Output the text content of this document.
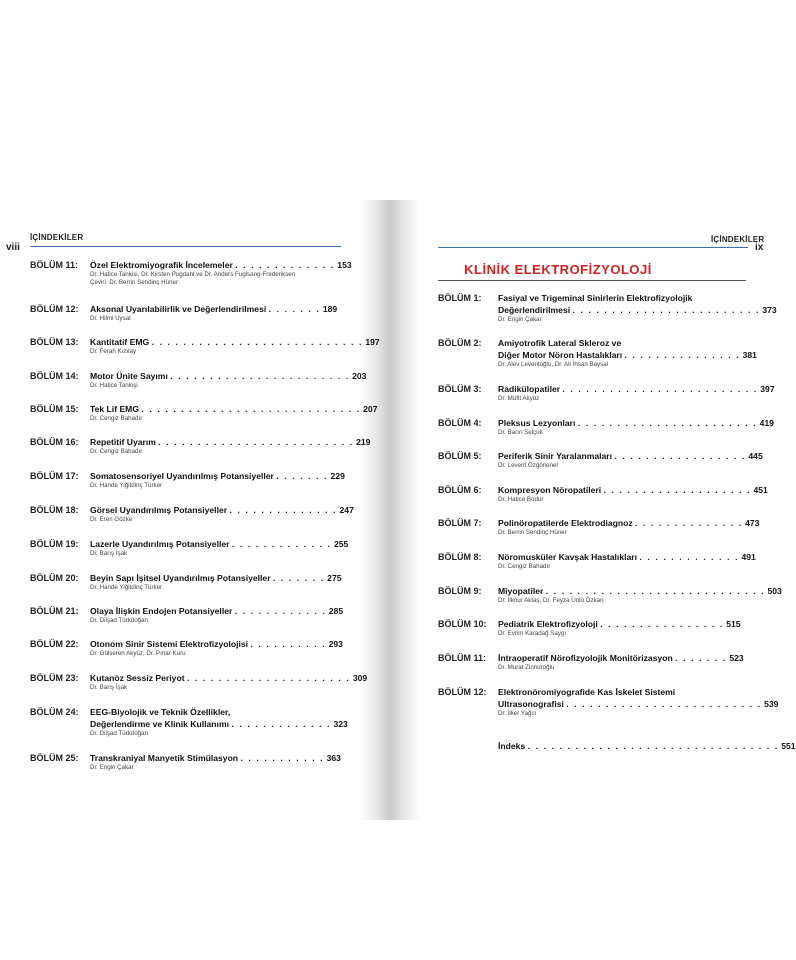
viii
İÇİNDEKİLER
BÖLÜM 11: Özel Elektromiyografik İncelemeler . . . . . . . . . . . . . 153
Dr. Hatice Tankisi, Dr. Kirsten Pugdahl ve Dr. Anders Fuglsang-Frederiksen
Çeviri: Dr. Berrin Sendinç Hüner
BÖLÜM 12: Aksonal Uyarılabilirlik ve Değerlendirilmesi . . . . . . . 189
Dr. Hilmi Uysal
BÖLÜM 13: Kantitatif EMG . . . . . . . . . . . . . . . . . . . . . . . . . . . 197
Dr. Ferah Kızılay
BÖLÜM 14: Motor Ünite Sayımı . . . . . . . . . . . . . . . . . . . . . . . 203
Dr. Hatice Tankişi
BÖLÜM 15: Tek Lif EMG . . . . . . . . . . . . . . . . . . . . . . . . . . . . 207
Dr. Cengiz Bahadır
BÖLÜM 16: Repetitif Uyarım . . . . . . . . . . . . . . . . . . . . . . . . . 219
Dr. Cengiz Bahadır
BÖLÜM 17: Somatosensoriyel Uyandırılmış Potansiyeller . . . . . . . 229
Dr. Hande Yiğitdinç Türker
BÖLÜM 18: Görsel Uyandırılmış Potansiyeller . . . . . . . . . . . . . . 247
Dr. Eren Gözke
BÖLÜM 19: Lazerle Uyandırılmış Potansiyeller . . . . . . . . . . . . . 255
Dr. Barış İşak
BÖLÜM 20: Beyin Sapı İşitsel Uyandırılmış Potansiyeller . . . . . . . 275
Dr. Hande Yiğitdinç Türker
BÖLÜM 21: Olaya İlişkin Endojen Potansiyeller . . . . . . . . . . . . 285
Dr. Dilşad Türkdoğan
BÖLÜM 22: Otonom Sinir Sistemi Elektrofizyolojisi . . . . . . . . . . 293
Dr. Gülseren Akyüz, Dr. Pınar Kuru
BÖLÜM 23: Kutanöz Sessiz Periyot . . . . . . . . . . . . . . . . . . . . . 309
Dr. Barış İşak
BÖLÜM 24: EEG-Biyolojik ve Teknik Özellikler,
Değerlendirme ve Klinik Kullanımı . . . . . . . . . . . . . 323
Dr. Dilşad Türkdoğan
BÖLÜM 25: Transkraniyal Manyetik Stimülasyon . . . . . . . . . . . 363
Dr. Engin Çakar
İÇİNDEKİLER
ix
KLİNİK ELEKTROFİZYOLOJİ
BÖLÜM 1: Fasiyal ve Trigeminal Sinirlerin Elektrofizyolojik
Değerlendirilmesi . . . . . . . . . . . . . . . . . . . . . . . . 373
Dr. Engin Çakar
BÖLÜM 2: Amiyotrofik Lateral Skleroz ve
Diğer Motor Nöron Hastalıkları . . . . . . . . . . . . . . . 381
Dr. Alev Leventoğlu, Dr. Ali İhsan Baysal
BÖLÜM 3: Radikülopatiler . . . . . . . . . . . . . . . . . . . . . . . . . 397
Dr. Müfit Akyüz
BÖLÜM 4: Pleksus Lezyonları . . . . . . . . . . . . . . . . . . . . . . . 419
Dr. Barın Selçuk
BÖLÜM 5: Periferik Sinir Yaralanmaları . . . . . . . . . . . . . . . . . 445
Dr. Levent Özgönenel
BÖLÜM 6: Kompresyon Nöropatileri . . . . . . . . . . . . . . . . . . . 451
Dr. Hatice Bodur
BÖLÜM 7: Polinöropatilerde Elektrodiagnoz . . . . . . . . . . . . . . 473
Dr. Berrin Sendinç Hüner
BÖLÜM 8: Nöromusküler Kavşak Hastalıkları . . . . . . . . . . . . . 491
Dr. Cengiz Bahadır
BÖLÜM 9: Miyopatiler . . . . . . . . . . . . . . . . . . . . . . . . . . . . 503
Dr. İlknur Aktaş, Dr. Feyza Ünlü Özkan
BÖLÜM 10: Pediatrik Elektrofizyoloji . . . . . . . . . . . . . . . . 515
Dr. Evrim Karadağ Saygı
BÖLÜM 11: İntraoperatif Nörofizyolojik Monitörizasyon . . . . . . . 523
Dr. Murat Zinnuroğlu
BÖLÜM 12: Elektronöromiyografide Kas İskelet Sistemi
Ultrasonografisi . . . . . . . . . . . . . . . . . . . . . . . . . 539
Dr. İlker Yağcı
İndeks . . . . . . . . . . . . . . . . . . . . . . . . . . . . . . . . 551
